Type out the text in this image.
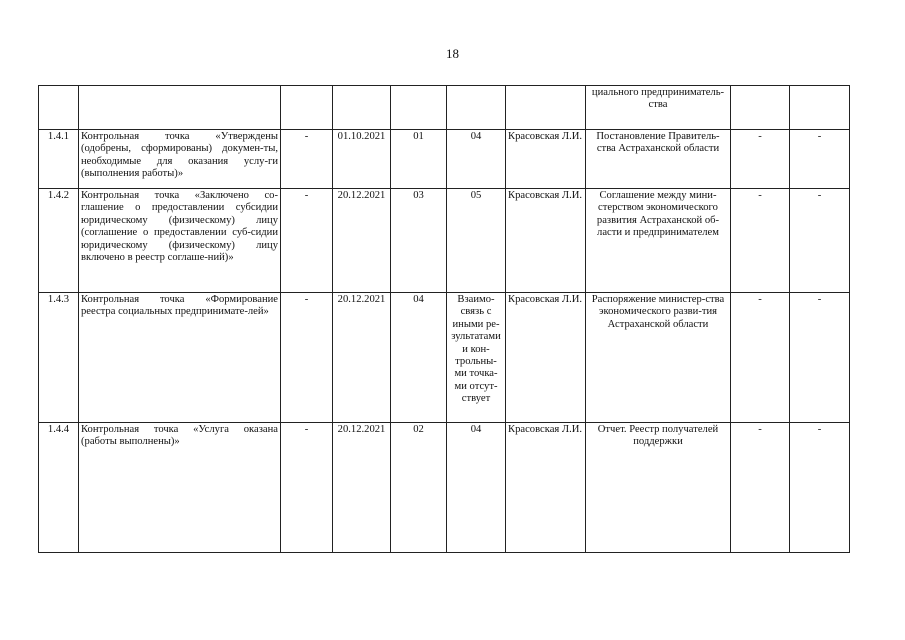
18

							циального предприниматель-
ства		

1.4.1	Контрольная точка «Утверждены (одобрены, сформированы) докумен-ты, необходимые для оказания услу-ги (выполнения работы)»	-	01.10.2021	01	04	Красовская Л.И.	Постановление Правитель-ства Астраханской области	-	-
1.4.2	Контрольная точка «Заключено со-глашение о предоставлении субсидии юридическому (физическому) лицу (соглашение о предоставлении суб-сидии юридическому (физическому) лицу включено в реестр соглаше-ний)»	-	20.12.2021	03	05	Красовская Л.И.	Соглашение между мини-стерством экономического развития Астраханской об-ласти и предпринимателем	-	-
1.4.3	Контрольная точка «Формирование реестра социальных предпринимате-лей»	-	20.12.2021	04	Взаимо-связь с иными ре-зультатами и кон-трольны-ми точка-ми отсут-ствует	Красовская Л.И.	Распоряжение министер-ства экономического разви-тия Астраханской области	-	-
1.4.4	Контрольная точка «Услуга оказана (работы выполнены)»	-	20.12.2021	02	04	Красовская Л.И.	Отчет. Реестр получателей поддержки	-	-
